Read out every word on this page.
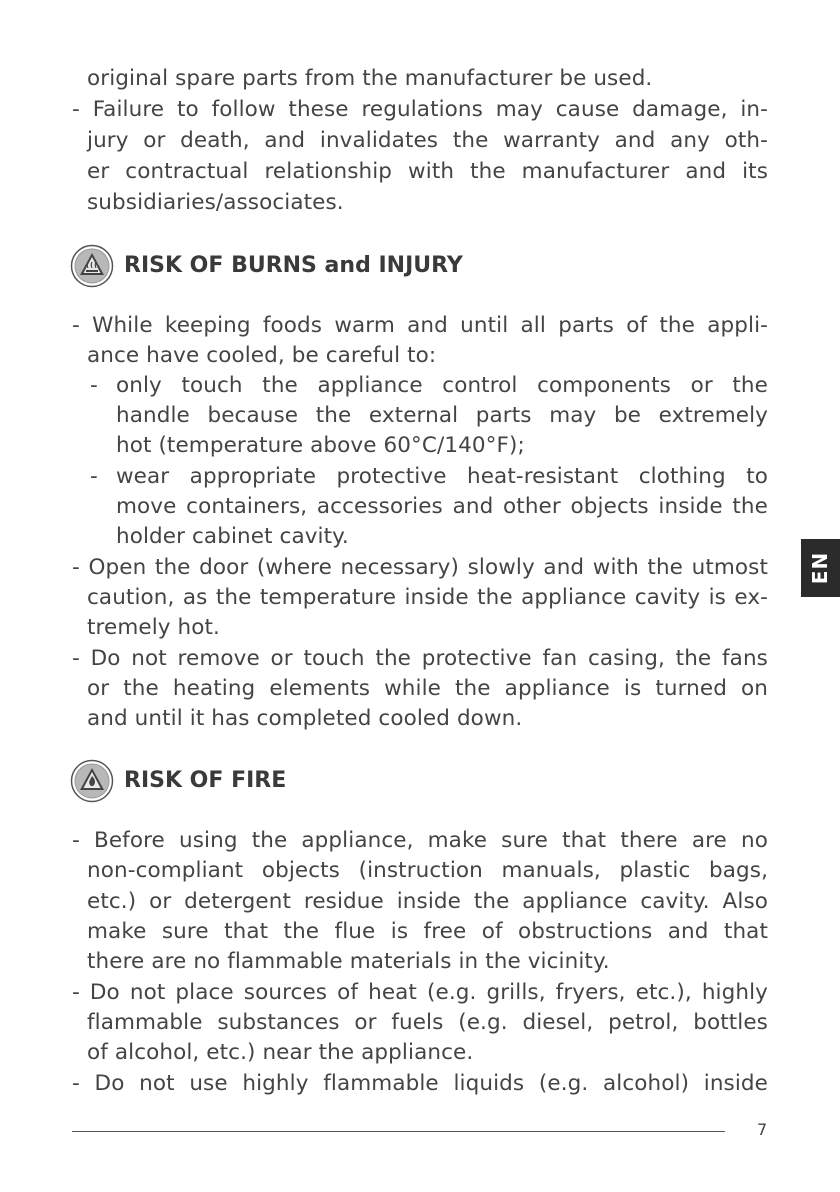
original spare parts from the manufacturer be used.
- Failure to follow these regulations may cause damage, in-
jury or death, and invalidates the warranty and any oth-
er contractual relationship with the manufacturer and its
subsidiaries/associates.
RISK OF BURNS and INJURY
- While keeping foods warm and until all parts of the appli-
ance have cooled, be careful to:
- only touch the appliance control components or the
handle because the external parts may be extremely
hot (temperature above 60°C/140°F);
- wear appropriate protective heat-resistant clothing to
move containers, accessories and other objects inside the
holder cabinet cavity.
- Open the door (where necessary) slowly and with the utmost
caution, as the temperature inside the appliance cavity is ex-
tremely hot.
- Do not remove or touch the protective fan casing, the fans
or the heating elements while the appliance is turned on
and until it has completed cooled down.
RISK OF FIRE
- Before using the appliance, make sure that there are no
non-compliant objects (instruction manuals, plastic bags,
etc.) or detergent residue inside the appliance cavity. Also
make sure that the flue is free of obstructions and that
there are no flammable materials in the vicinity.
- Do not place sources of heat (e.g. grills, fryers, etc.), highly
flammable substances or fuels (e.g. diesel, petrol, bottles
of alcohol, etc.) near the appliance.
- Do not use highly flammable liquids (e.g. alcohol) inside
EN
7
